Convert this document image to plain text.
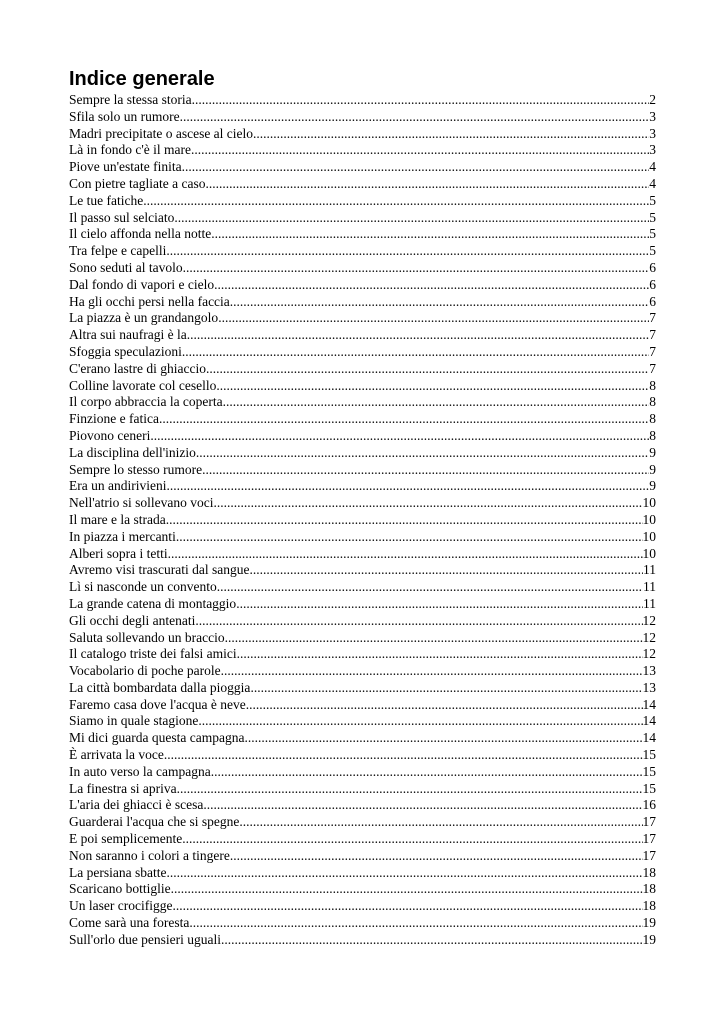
Indice generale
Sempre la stessa storia .....	2
Sfila solo un rumore .....	3
Madri precipitate o ascese al cielo .....	3
Là in fondo c'è il mare .....	3
Piove un'estate finita .....	4
Con pietre tagliate a caso .....	4
Le tue fatiche .....	5
Il passo sul selciato .....	5
Il cielo affonda nella notte .....	5
Tra felpe e capelli .....	5
Sono seduti al tavolo .....	6
Dal fondo di vapori e cielo .....	6
Ha gli occhi persi nella faccia .....	6
La piazza è un grandangolo .....	7
Altra sui naufragi è la .....	7
Sfoggia speculazioni .....	7
C'erano lastre di ghiaccio .....	7
Colline lavorate col cesello .....	8
Il corpo abbraccia la coperta .....	8
Finzione e fatica .....	8
Piovono ceneri .....	8
La disciplina dell'inizio .....	9
Sempre lo stesso rumore .....	9
Era un andirivieni .....	9
Nell'atrio si sollevano voci .....	10
Il mare e la strada .....	10
In piazza i mercanti .....	10
Alberi sopra i tetti .....	10
Avremo visi trascurati dal sangue .....	11
Lì si nasconde un convento .....	11
La grande catena di montaggio .....	11
Gli occhi degli antenati .....	12
Saluta sollevando un braccio .....	12
Il catalogo triste dei falsi amici .....	12
Vocabolario di poche parole .....	13
La città bombardata dalla pioggia .....	13
Faremo casa dove l'acqua è neve .....	14
Siamo in quale stagione .....	14
Mi dici guarda questa campagna .....	14
È arrivata la voce .....	15
In auto verso la campagna .....	15
La finestra si apriva .....	15
L'aria dei ghiacci è scesa .....	16
Guarderai l'acqua che si spegne .....	17
E poi semplicemente .....	17
Non saranno i colori a tingere .....	17
La persiana sbatte .....	18
Scaricano bottiglie .....	18
Un laser crocifigge .....	18
Come sarà una foresta .....	19
Sull'orlo due pensieri uguali .....	19
